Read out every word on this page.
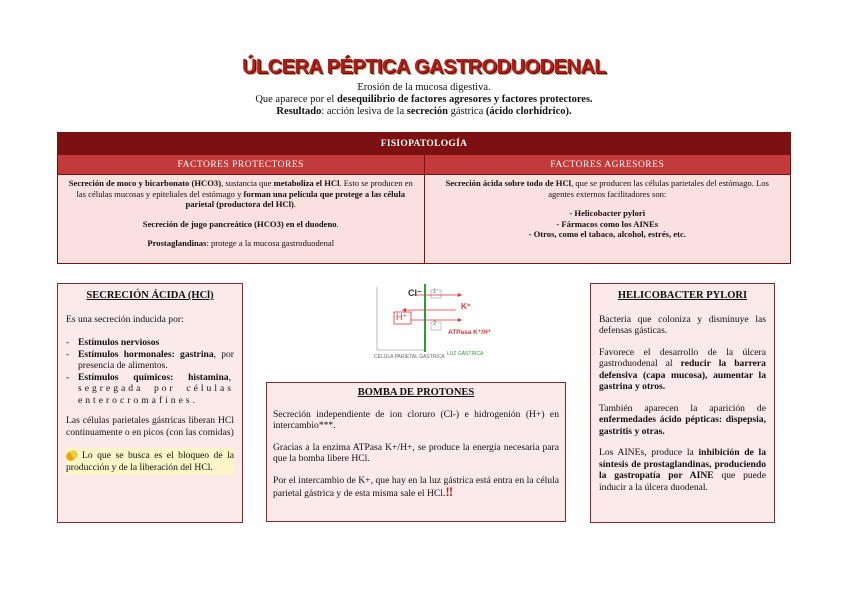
ÚLCERA PÉPTICA GASTRODUODENAL
Erosión de la mucosa digestiva.
Que aparece por el desequilibrio de factores agresores y factores protectores.
Resultado: acción lesiva de la secreción gástrica (ácido clorhídrico).
FISIOPATOLOGÍA
FACTORES PROTECTORES

Secreción de moco y bicarbonato (HCO3), sustancia que metaboliza el HCl. Esto se producen en las células mucosas y epiteliales del estómago y forman una película que protege a las célula parietal (productora del HCl).

Secreción de jugo pancreático (HCO3) en el duodeno.

Prostaglandinas: protege a la mucosa gastroduodenal

FACTORES AGRESORES

Secreción ácida sobre todo de HCl, que se producen las células parietales del estómago. Los agentes externos facilitadores son:

- Helicobacter pylori
- Fármacos como los AINEs
- Otros, como el tabaco, alcohol, estrés, etc.
SECRECIÓN ÁCIDA (HCl)

Es una secreción inducida por:

- Estímulos nerviosos
- Estímulos hormonales: gastrina, por presencia de alimentos.
- Estímulos químicos: histamina, segregada por células enterocromafines.

Las células parietales gástricas liberan HCl continuamente o en picos (con las comidas)

Lo que se busca es el bloqueo de la producción y de la liberación del HCl.
Cl⁻ 1
2
K⁺
H⁺
ATPasa K⁺/H⁺
CÉLULA PARIETAL GÁSTRICA LUZ GÁSTRICA
BOMBA DE PROTONES

Secreción independiente de ion cloruro (Cl-) e hidrogenión (H+) en intercambio***.

Gracias a la enzima ATPasa K+/H+, se produce la energía necesaria para que la bomba libere HCl.

Por el intercambio de K+, que hay en la luz gástrica está entra en la célula parietal gástrica y de esta misma sale el HCl.‼

HELICOBACTER PYLORI

Bacteria que coloniza y disminuye las defensas gásticas.

Favorece el desarrollo de la úlcera gastroduodenal al reducir la barrera defensiva (capa mucosa), aumentar la gastrina y otros.

También aparecen la aparición de enfermedades ácido pépticas: dispepsia, gastritis y otras.

Los AINEs, produce la inhibición de la síntesis de prostaglandinas, produciendo la gastropatía por AINE que puede inducir a la úlcera duodenal.
